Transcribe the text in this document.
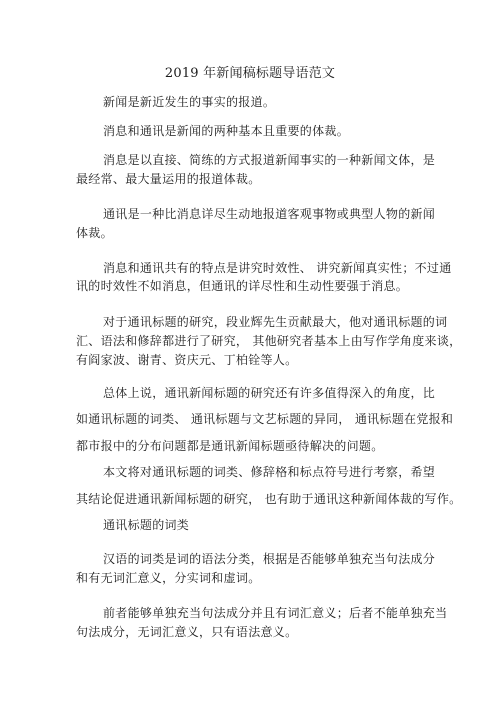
2019 年新闻稿标题导语范文
新闻是新近发生的事实的报道。
消息和通讯是新闻的两种基本且重要的体裁。
消息是以直接、简练的方式报道新闻事实的一种新闻文体，是
最经常、最大量运用的报道体裁。
通讯是一种比消息详尽生动地报道客观事物或典型人物的新闻
体裁。
消息和通讯共有的特点是讲究时效性、 讲究新闻真实性；不过通
讯的时效性不如消息，但通讯的详尽性和生动性要强于消息。
对于通讯标题的研究，段业辉先生贡献最大，他对通讯标题的词
汇、语法和修辞都进行了研究， 其他研究者基本上由写作学角度来谈，
有阎家波、谢青、资庆元、丁柏铨等人。
总体上说，通讯新闻标题的研究还有许多值得深入的角度，比
如通讯标题的词类、 通讯标题与文艺标题的异同， 通讯标题在党报和
都市报中的分布问题都是通讯新闻标题亟待解决的问题。
本文将对通讯标题的词类、修辞格和标点符号进行考察，希望
其结论促进通讯新闻标题的研究， 也有助于通讯这种新闻体裁的写作。
通讯标题的词类
汉语的词类是词的语法分类，根据是否能够单独充当句法成分
和有无词汇意义，分实词和虚词。
前者能够单独充当句法成分并且有词汇意义；后者不能单独充当
句法成分，无词汇意义，只有语法意义。
